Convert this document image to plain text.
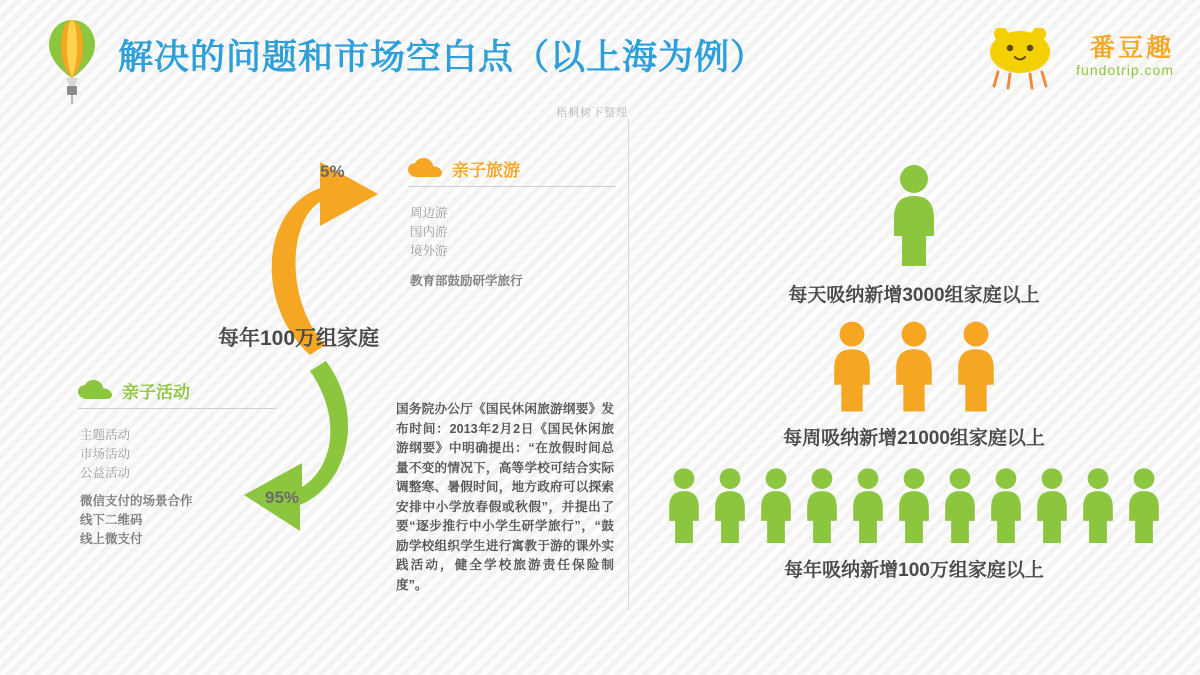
解决的问题和市场空白点（以上海为例）	番豆趣
fundotrip.com
梧桐树下整理
5%
95%
每年100万组家庭
亲子旅游
周边游
国内游
境外游
教育部鼓励研学旅行
亲子活动
主题活动
市场活动
公益活动
微信支付的场景合作
线下二维码
线上微支付
国务院办公厅《国民休闲旅游纲要》发布时间：2013年2月2日《国民休闲旅游纲要》中明确提出：“在放假时间总量不变的情况下，高等学校可结合实际调整寒、暑假时间，地方政府可以探索安排中小学放春假或秋假”，并提出了要“逐步推行中小学生研学旅行”，“鼓励学校组织学生进行寓教于游的课外实践活动，健全学校旅游责任保险制度”。
每天吸纳新增3000组家庭以上
每周吸纳新增21000组家庭以上
每年吸纳新增100万组家庭以上
